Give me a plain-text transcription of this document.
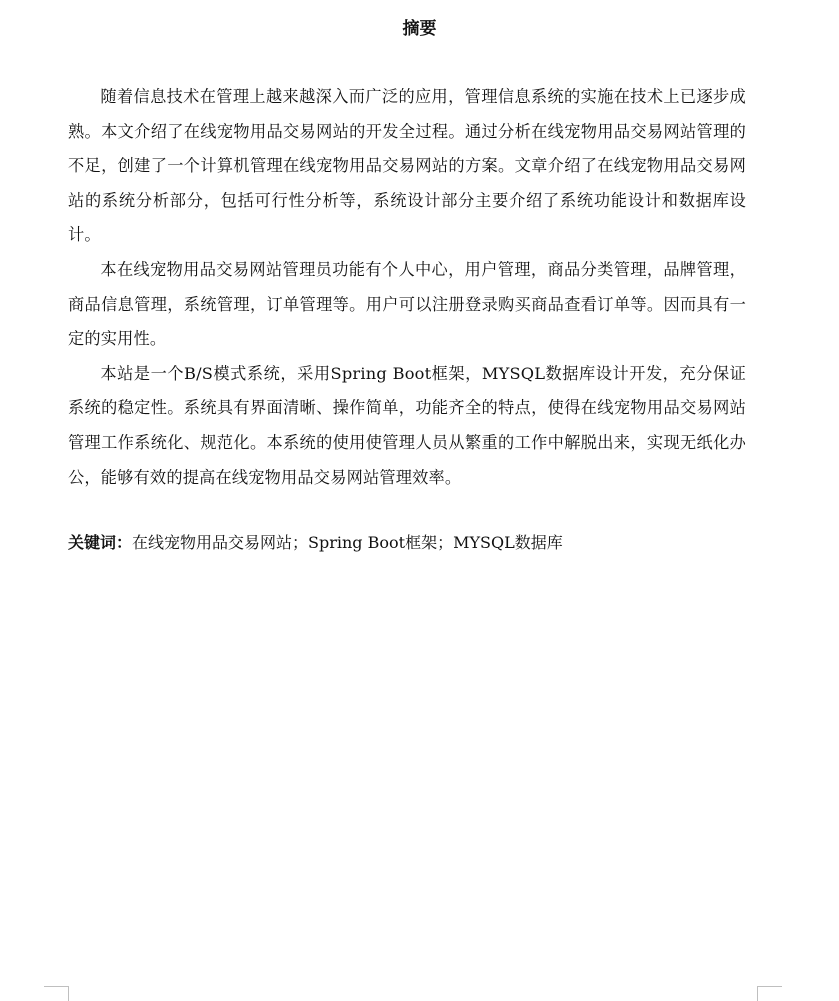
摘要

随着信息技术在管理上越来越深入而广泛的应用，管理信息系统的实施在技术上已逐步成熟。本文介绍了在线宠物用品交易网站的开发全过程。通过分析在线宠物用品交易网站管理的不足，创建了一个计算机管理在线宠物用品交易网站的方案。文章介绍了在线宠物用品交易网站的系统分析部分，包括可行性分析等，系统设计部分主要介绍了系统功能设计和数据库设计。

本在线宠物用品交易网站管理员功能有个人中心，用户管理，商品分类管理，品牌管理，商品信息管理，系统管理，订单管理等。用户可以注册登录购买商品查看订单等。因而具有一定的实用性。

本站是一个B/S模式系统，采用Spring Boot框架，MYSQL数据库设计开发，充分保证系统的稳定性。系统具有界面清晰、操作简单，功能齐全的特点，使得在线宠物用品交易网站管理工作系统化、规范化。本系统的使用使管理人员从繁重的工作中解脱出来，实现无纸化办公，能够有效的提高在线宠物用品交易网站管理效率。

关键词：在线宠物用品交易网站；Spring Boot框架；MYSQL数据库
